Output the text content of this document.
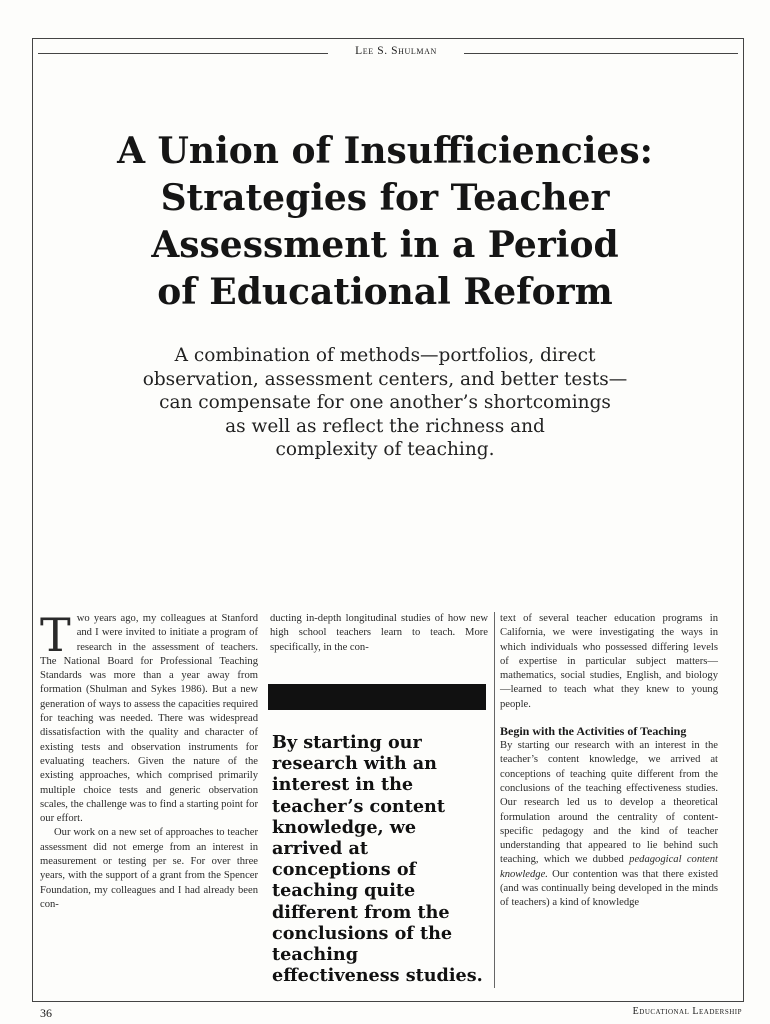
Lee S. Shulman
A Union of Insufficiencies:
Strategies for Teacher
Assessment in a Period
of Educational Reform
A combination of methods—portfolios, direct
observation, assessment centers, and better tests—
can compensate for one another’s shortcomings
as well as reflect the richness and
complexity of teaching.

Two years ago, my colleagues at Stanford and I were invited to initiate a program of research in the assessment of teachers. The National Board for Professional Teaching Standards was more than a year away from formation (Shulman and Sykes 1986). But a new generation of ways to assess the capacities required for teaching was needed. There was widespread dissatisfaction with the quality and character of existing tests and observation instruments for evaluating teachers. Given the nature of the existing approaches, which comprised primarily multiple choice tests and generic observation scales, the challenge was to find a starting point for our effort.

Our work on a new set of approaches to teacher assessment did not emerge from an interest in measurement or testing per se. For over three years, with the support of a grant from the Spencer Foundation, my colleagues and I had already been con-

ducting in-depth longitudinal studies of how new high school teachers learn to teach. More specifically, in the con-

By starting our research with an interest in the teacher’s content knowledge, we arrived at conceptions of teaching quite different from the conclusions of the teaching effectiveness studies.

text of several teacher education programs in California, we were investigating the ways in which individuals who possessed differing levels of expertise in particular subject matters—mathematics, social studies, English, and biology—learned to teach what they knew to young people.

Begin with the Activities of Teaching

By starting our research with an interest in the teacher’s content knowledge, we arrived at conceptions of teaching quite different from the conclusions of the teaching effectiveness studies. Our research led us to develop a theoretical formulation around the centrality of content-specific pedagogy and the kind of teacher understanding that appeared to lie behind such teaching, which we dubbed pedagogical content knowledge. Our contention was that there existed (and was continually being developed in the minds of teachers) a kind of knowledge

36	Educational Leadership
